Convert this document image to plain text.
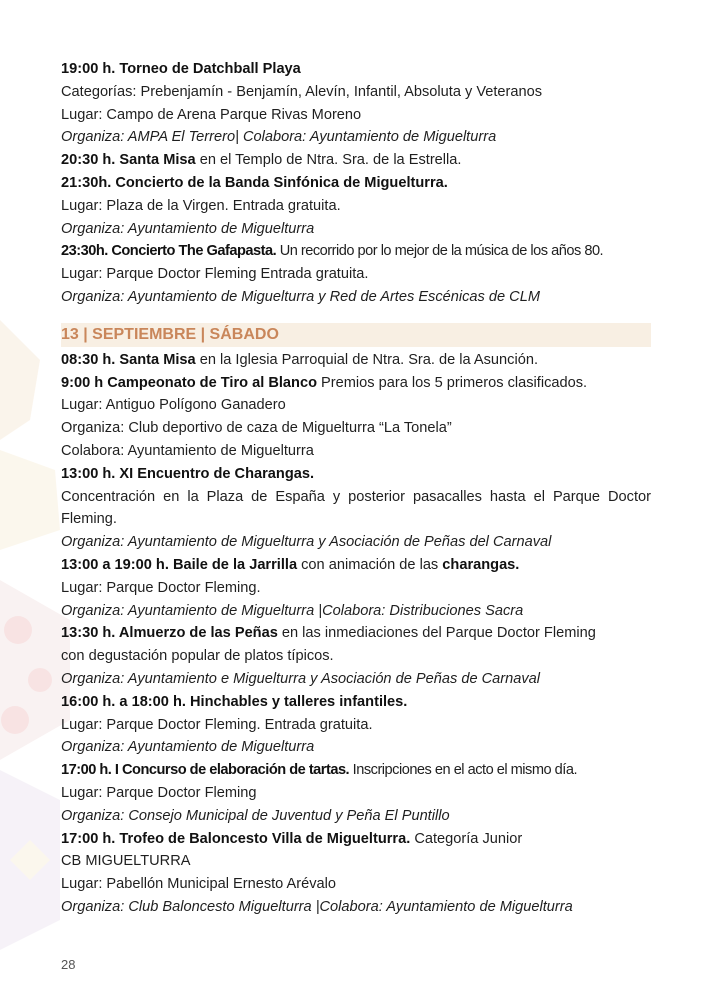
19:00 h. Torneo de Datchball Playa
Categorías: Prebenjamín - Benjamín, Alevín, Infantil, Absoluta y Veteranos
Lugar: Campo de Arena Parque Rivas Moreno
Organiza: AMPA El Terrero| Colabora: Ayuntamiento de Miguelturra
20:30 h. Santa Misa en el Templo de Ntra. Sra. de la Estrella.
21:30h. Concierto de la Banda Sinfónica de Miguelturra.
Lugar: Plaza de la Virgen. Entrada gratuita.
Organiza: Ayuntamiento de Miguelturra
23:30h. Concierto The Gafapasta. Un recorrido por lo mejor de la música de los años 80.
Lugar: Parque Doctor Fleming Entrada gratuita.
Organiza: Ayuntamiento de Miguelturra y Red de Artes Escénicas de CLM
13 | SEPTIEMBRE | SÁBADO
08:30 h. Santa Misa en la Iglesia Parroquial de Ntra. Sra. de la Asunción.
9:00 h Campeonato de Tiro al Blanco Premios para los 5 primeros clasificados.
Lugar: Antiguo Polígono Ganadero
Organiza: Club deportivo de caza de Miguelturra “La Tonela”
Colabora: Ayuntamiento de Miguelturra
13:00 h. XI Encuentro de Charangas.
Concentración en la Plaza de España y posterior pasacalles hasta el Parque Doctor Fleming.
Organiza: Ayuntamiento de Miguelturra y Asociación de Peñas del Carnaval
13:00 a 19:00 h. Baile de la Jarrilla con animación de las charangas.
Lugar: Parque Doctor Fleming.
Organiza: Ayuntamiento de Miguelturra |Colabora: Distribuciones Sacra
13:30 h. Almuerzo de las Peñas en las inmediaciones del Parque Doctor Fleming
con degustación popular de platos típicos.
Organiza: Ayuntamiento e Miguelturra y Asociación de Peñas de Carnaval
16:00 h. a 18:00 h. Hinchables y talleres infantiles.
Lugar: Parque Doctor Fleming. Entrada gratuita.
Organiza: Ayuntamiento de Miguelturra
17:00 h. I Concurso de elaboración de tartas. Inscripciones en el acto el mismo día.
Lugar: Parque Doctor Fleming
Organiza: Consejo Municipal de Juventud y Peña El Puntillo
17:00 h. Trofeo de Baloncesto Villa de Miguelturra. Categoría Junior
CB MIGUELTURRA
Lugar: Pabellón Municipal Ernesto Arévalo
Organiza: Club Baloncesto Miguelturra |Colabora: Ayuntamiento de Miguelturra
28
